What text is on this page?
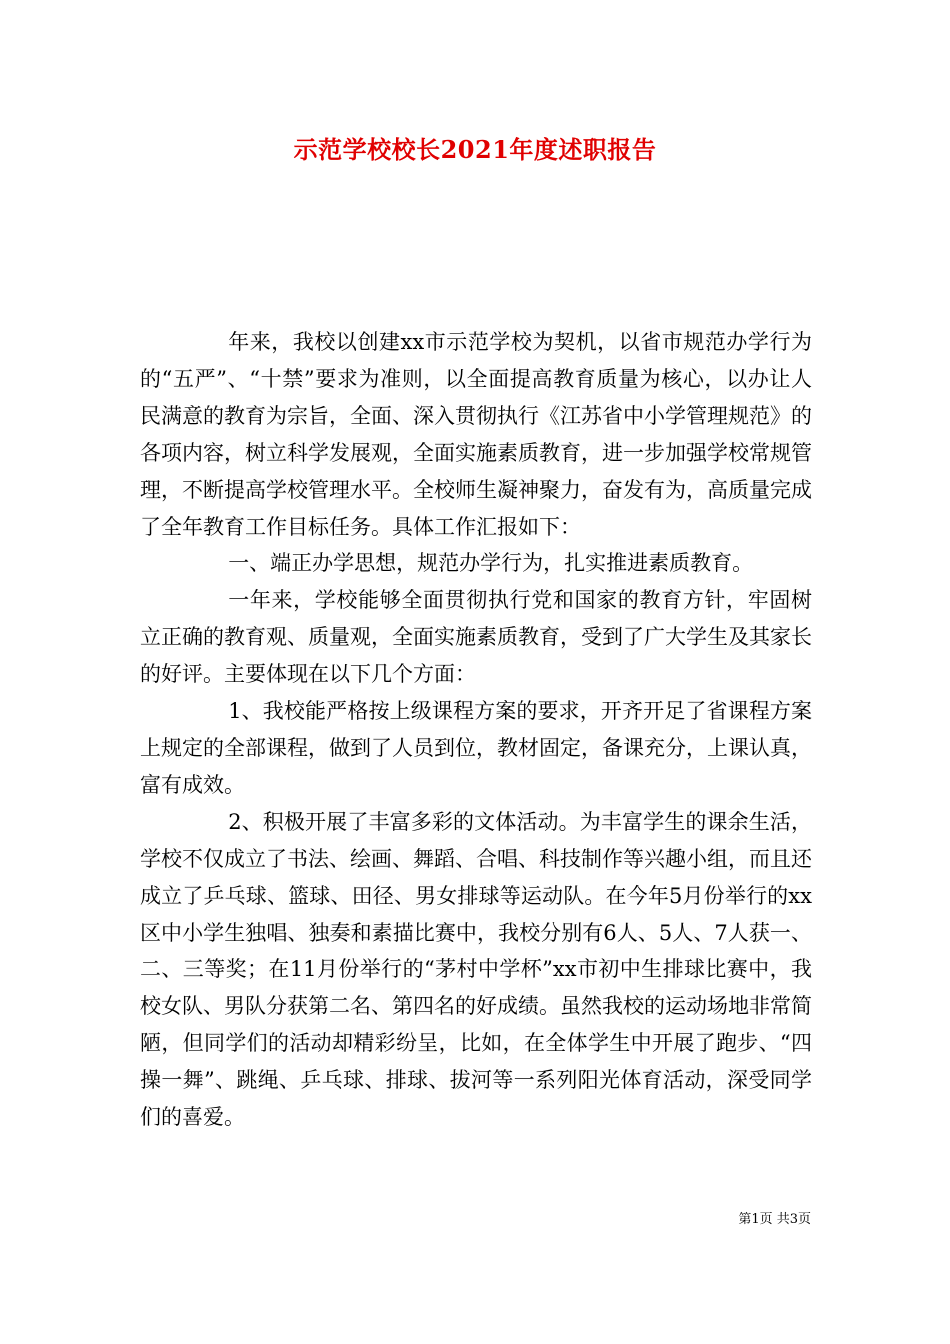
示范学校校长2021年度述职报告

年来，我校以创建xx市示范学校为契机，以省市规范办学行为的“五严”、“十禁”要求为准则，以全面提高教育质量为核心，以办让人民满意的教育为宗旨，全面、深入贯彻执行《江苏省中小学管理规范》的各项内容，树立科学发展观，全面实施素质教育，进一步加强学校常规管理，不断提高学校管理水平。全校师生凝神聚力，奋发有为，高质量完成了全年教育工作目标任务。具体工作汇报如下：

一、端正办学思想，规范办学行为，扎实推进素质教育。

一年来，学校能够全面贯彻执行党和国家的教育方针，牢固树立正确的教育观、质量观，全面实施素质教育，受到了广大学生及其家长的好评。主要体现在以下几个方面：

1、我校能严格按上级课程方案的要求，开齐开足了省课程方案上规定的全部课程，做到了人员到位，教材固定，备课充分，上课认真，富有成效。

2、积极开展了丰富多彩的文体活动。为丰富学生的课余生活，学校不仅成立了书法、绘画、舞蹈、合唱、科技制作等兴趣小组，而且还成立了乒乓球、篮球、田径、男女排球等运动队。在今年5月份举行的xx区中小学生独唱、独奏和素描比赛中，我校分别有6人、5人、7人获一、二、三等奖；在11月份举行的“茅村中学杯”xx市初中生排球比赛中，我校女队、男队分获第二名、第四名的好成绩。虽然我校的运动场地非常简陋，但同学们的活动却精彩纷呈，比如，在全体学生中开展了跑步、“四操一舞”、跳绳、乒乓球、排球、拔河等一系列阳光体育活动，深受同学们的喜爱。

第1页 共3页
